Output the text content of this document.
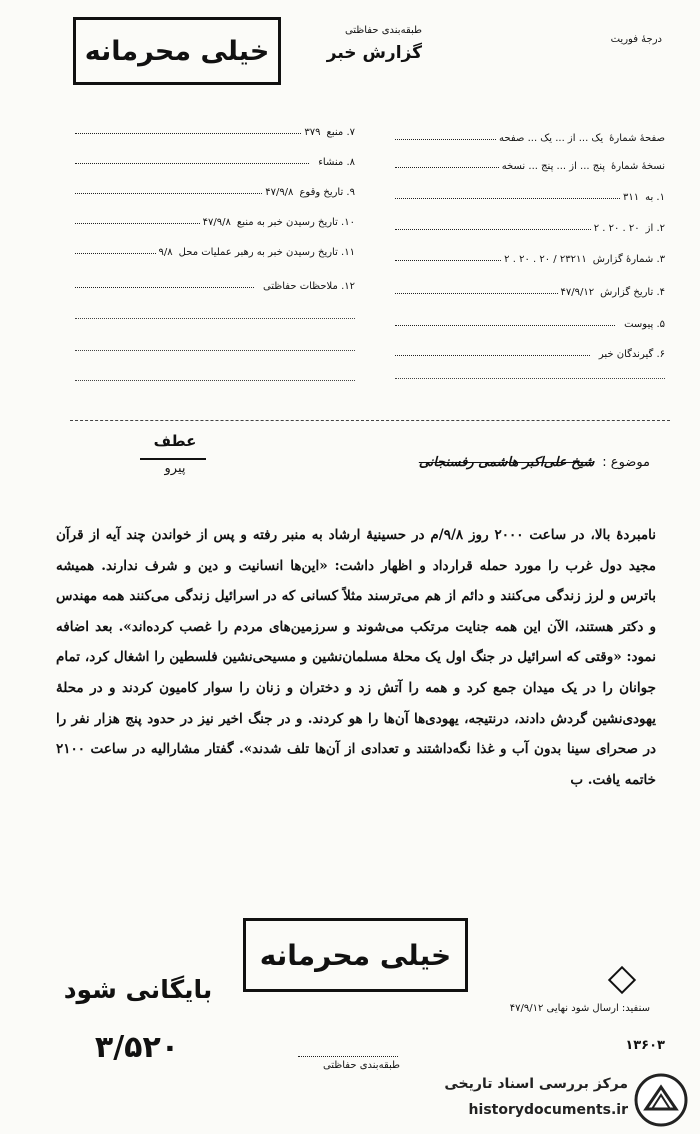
خیلی محرمانه
طبقه‌بندی حفاظتی
گزارش خبر
درجهٔ فوریت
صفحهٔ شمارهٔ
یک ... از ... یک ... صفحه
نسخهٔ شمارهٔ
پنج ... از ... پنج ... نسخه
۱. به
۳۱۱
۲. از
۲۰ . ۲۰ . ۲
۳. شمارهٔ گزارش
۲۳۲۱۱ / ۲۰ . ۲۰ . ۲
۴. تاریخ گزارش
۴۷/۹/۱۲
۵. پیوست
۶. گیرندگان خبر
۷. منبع
۳۷۹
۸. منشاء
۹. تاریخ وقوع
۴۷/۹/۸
۱۰. تاریخ رسیدن خبر به منبع
۴۷/۹/۸
۱۱. تاریخ رسیدن خبر به رهبر عملیات محل
۹/۸
۱۲. ملاحظات حفاظتی
عطف
پیرو	موضوع :
شیخ علی‌اکبر هاشمی رفسنجانی
نامبردهٔ بالا، در ساعت ۲۰۰۰ روز ۹/۸/م در حسینیهٔ ارشاد به منبر رفته و پس از خواندن چند آیه از قرآن مجید دول غرب را مورد حمله قرارداد و اظهار داشت: «این‌ها انسانیت و دین و شرف ندارند. همیشه باترس و لرز زندگی می‌کنند و دائم از هم می‌ترسند مثلاً کسانی که در اسرائیل زندگی می‌کنند همه مهندس و دکتر هستند، الآن این همه جنایت مرتکب می‌شوند و سرزمین‌های مردم را غصب کرده‌اند». بعد اضافه نمود: «وقتی که اسرائیل در جنگ اول یک محلهٔ مسلمان‌نشین و مسیحی‌نشین فلسطین را اشغال کرد، تمام جوانان را در یک میدان جمع کرد و همه را آتش زد و دختران و زنان را سوار کامیون کردند و در محلهٔ یهودی‌نشین گردش دادند، درنتیجه، یهودی‌ها آن‌ها را هو کردند. و در جنگ اخیر نیز در حدود پنج هزار نفر را در صحرای سینا بدون آب و غذا نگه‌داشتند و تعدادی از آن‌ها تلف شدند». گفتار مشارالیه در ساعت ۲۱۰۰ خاتمه یافت. ب
خیلی محرمانه
بایگانی شود
۳/۵۲۰
سنفید: ارسال شود نهایی ۴۷/۹/۱۲
۱۳۶۰۳
طبقه‌بندی حفاظتی
مرکز بررسی اسناد تاریخی
historydocuments.ir
